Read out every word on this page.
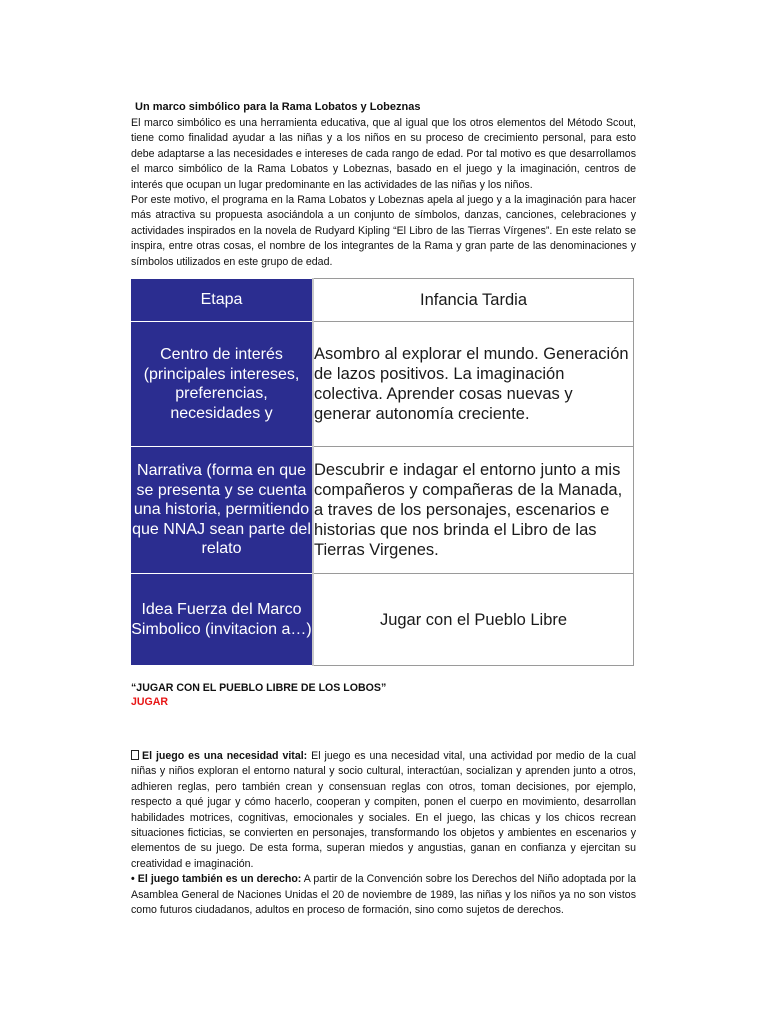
Un marco simbólico para la Rama Lobatos y Lobeznas

El marco simbólico es una herramienta educativa, que al igual que los otros elementos del Método Scout, tiene como finalidad ayudar a las niñas y a los niños en su proceso de crecimiento personal, para esto debe adaptarse a las necesidades e intereses de cada rango de edad. Por tal motivo es que desarrollamos el marco simbólico de la Rama Lobatos y Lobeznas, basado en el juego y la imaginación, centros de interés que ocupan un lugar predominante en las actividades de las niñas y los niños.

Por este motivo, el programa en la Rama Lobatos y Lobeznas apela al juego y a la imaginación para hacer más atractiva su propuesta asociándola a un conjunto de símbolos, danzas, canciones, celebraciones y actividades inspirados en la novela de Rudyard Kipling “El Libro de las Tierras Vírgenes”. En este relato se inspira, entre otras cosas, el nombre de los integrantes de la Rama y gran parte de las denominaciones y símbolos utilizados en este grupo de edad.

Etapa	Infancia Tardia
Centro de interés (principales intereses, preferencias, necesidades y	Asombro al explorar el mundo. Generación de lazos positivos. La imaginación colectiva. Aprender cosas nuevas y generar autonomía creciente.
Narrativa (forma en que se presenta y se cuenta una historia, permitiendo que NNAJ sean parte del relato	Descubrir e indagar el entorno junto a mis compañeros y compañeras de la Manada, a traves de los personajes, escenarios e historias que nos brinda el Libro de las Tierras Virgenes.
Idea Fuerza del Marco Simbolico (invitacion a…)	Jugar con el Pueblo Libre

“JUGAR CON EL PUEBLO LIBRE DE LOS LOBOS”

JUGAR

El juego es una necesidad vital: El juego es una necesidad vital, una actividad por medio de la cual niñas y niños exploran el entorno natural y socio cultural, interactúan, socializan y aprenden junto a otros, adhieren reglas, pero también crean y consensuan reglas con otros, toman decisiones, por ejemplo, respecto a qué jugar y cómo hacerlo, cooperan y compiten, ponen el cuerpo en movimiento, desarrollan habilidades motrices, cognitivas, emocionales y sociales. En el juego, las chicas y los chicos recrean situaciones ficticias, se convierten en personajes, transformando los objetos y ambientes en escenarios y elementos de su juego. De esta forma, superan miedos y angustias, ganan en confianza y ejercitan su creatividad e imaginación.

• El juego también es un derecho: A partir de la Convención sobre los Derechos del Niño adoptada por la Asamblea General de Naciones Unidas el 20 de noviembre de 1989, las niñas y los niños ya no son vistos como futuros ciudadanos, adultos en proceso de formación, sino como sujetos de derechos.
